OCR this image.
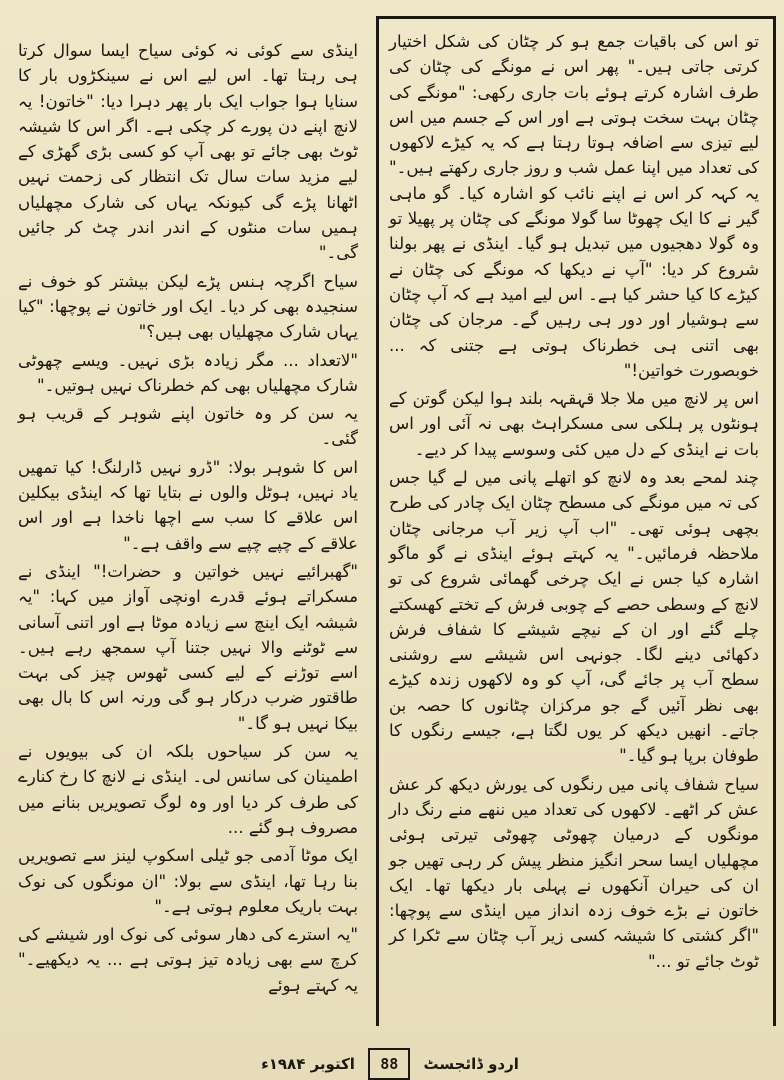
تو اس کی باقیات جمع ہو کر چٹان کی شکل اختیار کرتی جاتی ہیں۔" پھر اس نے مونگے کی چٹان کی طرف اشارہ کرتے ہوئے بات جاری رکھی: "مونگے کی چٹان بہت سخت ہوتی ہے اور اس کے جسم میں اس لیے تیزی سے اضافہ ہوتا رہتا ہے کہ یہ کیڑے لاکھوں کی تعداد میں اپنا عمل شب و روز جاری رکھتے ہیں۔" یہ کہہ کر اس نے اپنے نائب کو اشارہ کیا۔ گو ماہی گیر نے کا ایک چھوٹا سا گولا مونگے کی چٹان پر پھیلا تو وہ گولا دھجیوں میں تبدیل ہو گیا۔ اینڈی نے پھر بولنا شروع کر دیا: "آپ نے دیکھا کہ مونگے کی چٹان نے کیڑے کا کیا حشر کیا ہے۔ اس لیے امید ہے کہ آپ چٹان سے ہوشیار اور دور ہی رہیں گے۔ مرجان کی چٹان بھی اتنی ہی خطرناک ہوتی ہے جتنی کہ ... خوبصورت خواتین!"

اس پر لانچ میں ملا جلا قہقہہ بلند ہوا لیکن گوتن کے ہونٹوں پر ہلکی سی مسکراہٹ بھی نہ آئی اور اس بات نے اینڈی کے دل میں کئی وسوسے پیدا کر دیے۔

چند لمحے بعد وہ لانچ کو اتھلے پانی میں لے گیا جس کی تہ میں مونگے کی مسطح چٹان ایک چادر کی طرح بچھی ہوئی تھی۔ "اب آپ زیر آب مرجانی چٹان ملاحظہ فرمائیں۔" یہ کہتے ہوئے اینڈی نے گو ماگو اشارہ کیا جس نے ایک چرخی گھمائی شروع کی تو لانچ کے وسطی حصے کے چوبی فرش کے تختے کھسکتے چلے گئے اور ان کے نیچے شیشے کا شفاف فرش دکھائی دینے لگا۔ جونہی اس شیشے سے روشنی سطح آب پر جائے گی، آپ کو وہ لاکھوں زندہ کیڑے بھی نظر آئیں گے جو مرکزان چٹانوں کا حصہ بن جاتے۔ انھیں دیکھ کر یوں لگتا ہے، جیسے رنگوں کا طوفان برپا ہو گیا۔"

سیاح شفاف پانی میں رنگوں کی یورش دیکھ کر عش عش کر اٹھے۔ لاکھوں کی تعداد میں ننھے منے رنگ دار مونگوں کے درمیان چھوٹی چھوٹی تیرتی ہوئی مچھلیاں ایسا سحر انگیز منظر پیش کر رہی تھیں جو ان کی حیران آنکھوں نے پہلی بار دیکھا تھا۔ ایک خاتون نے بڑے خوف زدہ انداز میں اینڈی سے پوچھا: "اگر کشتی کا شیشہ کسی زیر آب چٹان سے ٹکرا کر ٹوٹ جائے تو ..."

اینڈی سے کوئی نہ کوئی سیاح ایسا سوال کرتا ہی رہتا تھا۔ اس لیے اس نے سینکڑوں بار کا سنایا ہوا جواب ایک بار پھر دہرا دیا: "خاتون! یہ لانچ اپنے دن پورے کر چکی ہے۔ اگر اس کا شیشہ ٹوٹ بھی جائے تو بھی آپ کو کسی بڑی گھڑی کے لیے مزید سات سال تک انتظار کی زحمت نہیں اٹھانا پڑے گی کیونکہ یہاں کی شارک مچھلیاں ہمیں سات منٹوں کے اندر اندر چٹ کر جائیں گی۔"

سیاح اگرچہ ہنس پڑے لیکن بیشتر کو خوف نے سنجیدہ بھی کر دیا۔ ایک اور خاتون نے پوچھا: "کیا یہاں شارک مچھلیاں بھی ہیں؟"

"لاتعداد ... مگر زیادہ بڑی نہیں۔ ویسے چھوٹی شارک مچھلیاں بھی کم خطرناک نہیں ہوتیں۔"

یہ سن کر وہ خاتون اپنے شوہر کے قریب ہو گئی۔

اس کا شوہر بولا: "ڈرو نہیں ڈارلنگ! کیا تمھیں یاد نہیں، ہوٹل والوں نے بتایا تھا کہ اینڈی بیکلین اس علاقے کا سب سے اچھا ناخدا ہے اور اس علاقے کے چپے چپے سے واقف ہے۔"

"گھبرائیے نہیں خواتین و حضرات!" اینڈی نے مسکراتے ہوئے قدرے اونچی آواز میں کہا: "یہ شیشہ ایک اینچ سے زیادہ موٹا ہے اور اتنی آسانی سے ٹوٹنے والا نہیں جتنا آپ سمجھ رہے ہیں۔ اسے توڑنے کے لیے کسی ٹھوس چیز کی بہت طاقتور ضرب درکار ہو گی ورنہ اس کا بال بھی بیکا نہیں ہو گا۔"

یہ سن کر سیاحوں بلکہ ان کی بیویوں نے اطمینان کی سانس لی۔ اینڈی نے لانچ کا رخ کنارے کی طرف کر دیا اور وہ لوگ تصویریں بنانے میں مصروف ہو گئے ...

ایک موٹا آدمی جو ٹیلی اسکوپ لینز سے تصویریں بنا رہا تھا، اینڈی سے بولا: "ان مونگوں کی نوک بہت باریک معلوم ہوتی ہے۔"

"یہ استرے کی دھار سوئی کی نوک اور شیشے کی کرچ سے بھی زیادہ تیز ہوتی ہے ... یہ دیکھیے۔" یہ کہتے ہوئے

اردو ڈائجسٹ 88 اکتوبر ۱۹۸۴ء
